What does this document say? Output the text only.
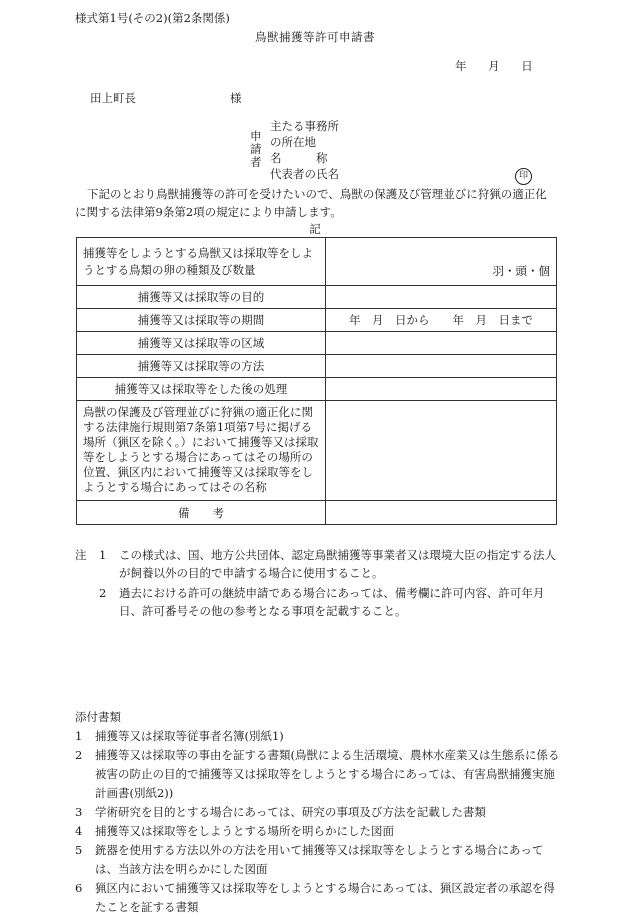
様式第1号(その2)(第2条関係)
鳥獣捕獲等許可申請書
年 月 日
田上町長	様
申請者
主たる事務所
の所在地
名　　　称
代表者の氏名	印
下記のとおり鳥獣捕獲等の許可を受けたいので、鳥獣の保護及び管理並びに狩猟の適正化に関する法律第9条第2項の規定により申請します。
記
捕獲等をしようとする鳥獣又は採取等をしようとする鳥類の卵の種類及び数量	羽・頭・個
捕獲等又は採取等の目的	
捕獲等又は採取等の期間	年　月　日から　　年　月　日まで
捕獲等又は採取等の区域	
捕獲等又は採取等の方法	
捕獲等又は採取等をした後の処理	
鳥獣の保護及び管理並びに狩猟の適正化に関する法律施行規則第7条第1項第7号に掲げる場所（猟区を除く。）において捕獲等又は採取等をしようとする場合にあってはその場所の位置、猟区内において捕獲等又は採取等をしようとする場合にあってはその名称	
備　　考	
注 1 この様式は、国、地方公共団体、認定鳥獣捕獲等事業者又は環境大臣の指定する法人が飼養以外の目的で申請する場合に使用すること。
2 過去における許可の継続申請である場合にあっては、備考欄に許可内容、許可年月日、許可番号その他の参考となる事項を記載すること。
添付書類
1 捕獲等又は採取等従事者名簿(別紙1)
2 捕獲等又は採取等の事由を証する書類(鳥獣による生活環境、農林水産業又は生態系に係る被害の防止の目的で捕獲等又は採取等をしようとする場合にあっては、有害鳥獣捕獲実施計画書(別紙2))
3 学術研究を目的とする場合にあっては、研究の事項及び方法を記載した書類
4 捕獲等又は採取等をしようとする場所を明らかにした図面
5 銃器を使用する方法以外の方法を用いて捕獲等又は採取等をしようとする場合にあっては、当該方法を明らかにした図面
6 猟区内において捕獲等又は採取等をしようとする場合にあっては、猟区設定者の承認を得たことを証する書類
